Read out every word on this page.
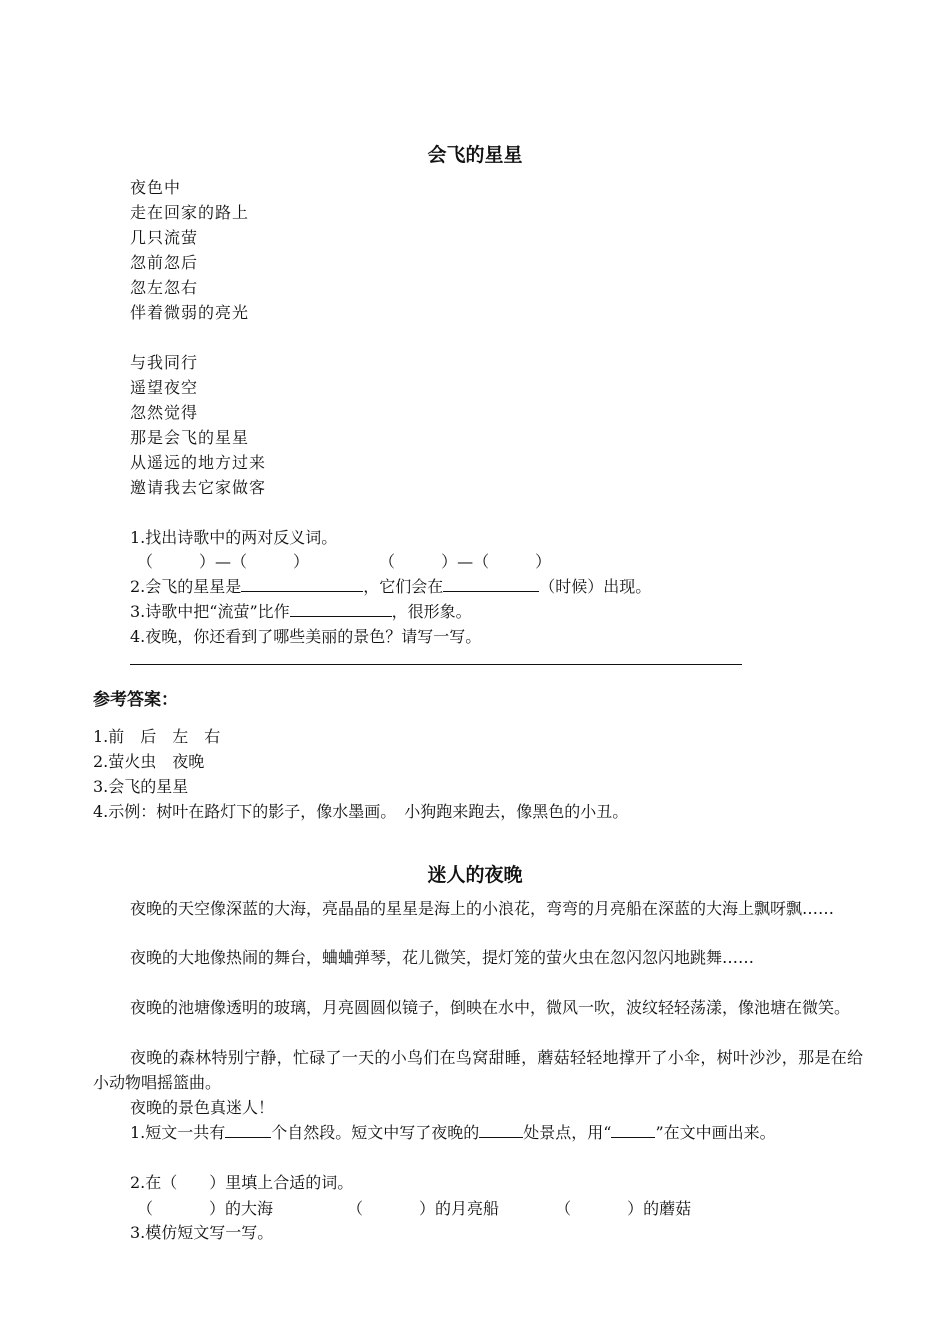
会飞的星星
夜色中
走在回家的路上
几只流萤
忽前忽后
忽左忽右
伴着微弱的亮光
与我同行
遥望夜空
忽然觉得
那是会飞的星星
从遥远的地方过来
邀请我去它家做客
1.找出诗歌中的两对反义词。
（	）—（	）	（	）—（	）
2.会飞的星星是	，它们会在	（时候）出现。
3.诗歌中把“流萤”比作	，很形象。
4.夜晚，你还看到了哪些美丽的景色？请写一写。
参考答案：
1.前　后　左　右
2.萤火虫　夜晚
3.会飞的星星
4.示例：树叶在路灯下的影子，像水墨画。　小狗跑来跑去，像黑色的小丑。
迷人的夜晚
夜晚的天空像深蓝的大海，亮晶晶的星星是海上的小浪花，弯弯的月亮船在深蓝的大海上飘呀飘……
夜晚的大地像热闹的舞台，蛐蛐弹琴，花儿微笑，提灯笼的萤火虫在忽闪忽闪地跳舞……
夜晚的池塘像透明的玻璃，月亮圆圆似镜子，倒映在水中，微风一吹，波纹轻轻荡漾，像池塘在微笑。
夜晚的森林特别宁静，忙碌了一天的小鸟们在鸟窝甜睡，蘑菇轻轻地撑开了小伞，树叶沙沙，那是在给小动物唱摇篮曲。
夜晚的景色真迷人！
1.短文一共有	个自然段。短文中写了夜晚的	处景点，用“	”在文中画出来。
2.在（　　）里填上合适的词。
（	）的大海	（	）的月亮船	（	）的蘑菇
3.模仿短文写一写。
